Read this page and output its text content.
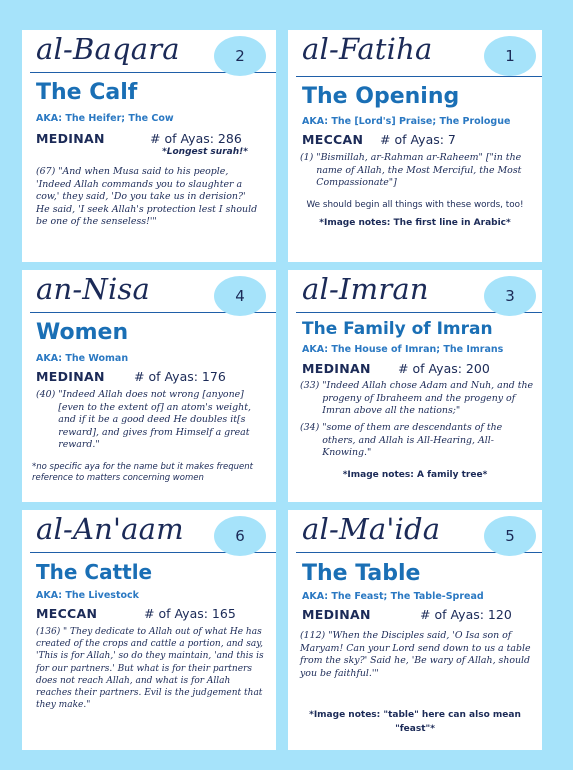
al-Baqara	2
The Calf
AKA: The Heifer; The Cow
MEDINAN	# of Ayas: 286
*Longest surah!*
(67) "And when Musa said to his people, 'Indeed Allah commands you to slaughter a cow,' they said, 'Do you take us in derision?' He said, 'I seek Allah's protection lest I should be one of the senseless!'"
al-Fatiha	1
The Opening
AKA: The [Lord's] Praise; The Prologue
MECCAN # of Ayas: 7
(1) "Bismillah, ar-Rahman ar-Raheem" ["in the name of Allah, the Most Merciful, the Most Compassionate"]
We should begin all things with these words, too!
*Image notes: The first line in Arabic*
an-Nisa	4
Women
AKA: The Woman
MEDINAN # of Ayas: 176
(40) "Indeed Allah does not wrong [anyone] [even to the extent of] an atom's weight, and if it be a good deed He doubles it[s reward], and gives from Himself a great reward."
*no specific aya for the name but it makes frequent reference to matters concerning women
al-Imran	3
The Family of Imran
AKA: The House of Imran; The Imrans
MEDINAN # of Ayas: 200
(33) "Indeed Allah chose Adam and Nuh, and the progeny of Ibraheem and the progeny of Imran above all the nations;"
(34) "some of them are descendants of the others, and Allah is All-Hearing, All-Knowing."
*Image notes: A family tree*
al-An'aam	6
The Cattle
AKA: The Livestock
MECCAN	# of Ayas: 165
(136) " They dedicate to Allah out of what He has created of the crops and cattle a portion, and say, 'This is for Allah,' so do they maintain, 'and this is for our partners.' But what is for their partners does not reach Allah, and what is for Allah reaches their partners. Evil is the judgement that they make."
al-Ma'ida	5
The Table
AKA: The Feast; The Table-Spread
MEDINAN	# of Ayas: 120
(112) "When the Disciples said, 'O Isa son of Maryam! Can your Lord send down to us a table from the sky?' Said he, 'Be wary of Allah, should you be faithful.'"
*Image notes: "table" here can also mean "feast"*
